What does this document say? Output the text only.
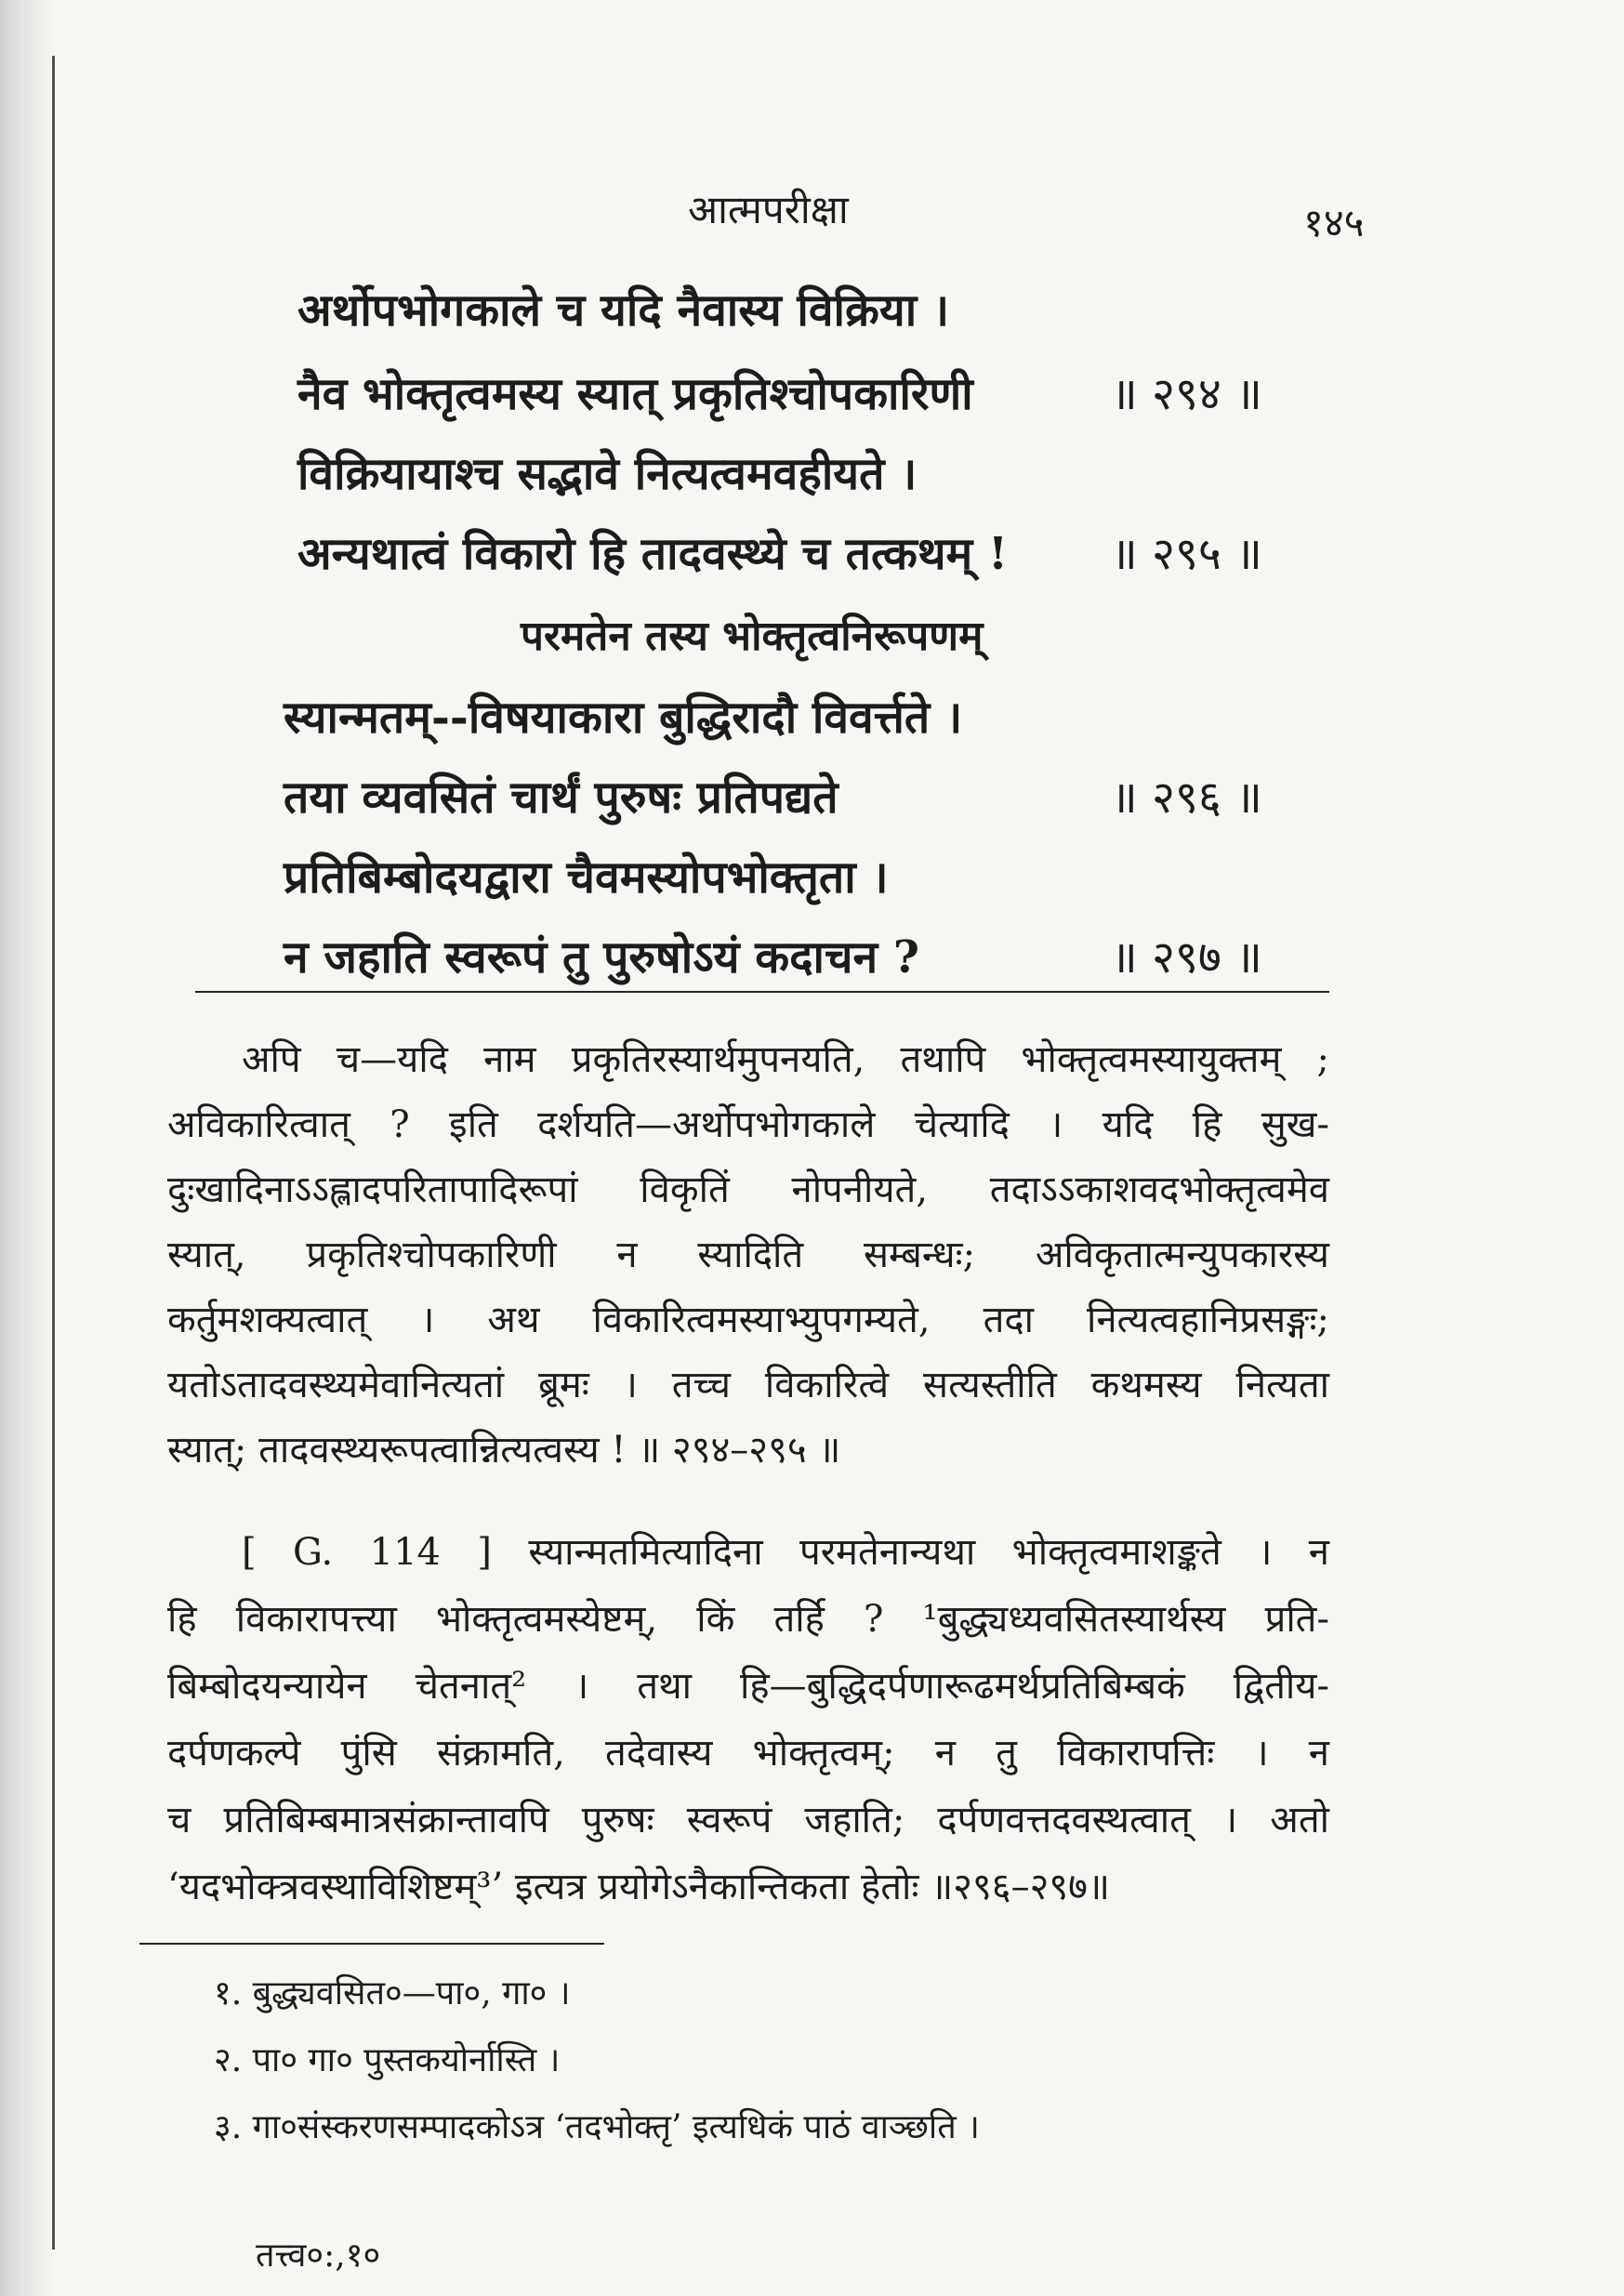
आत्मपरीक्षा	१४५
अर्थोपभोगकाले च यदि नैवास्य विक्रिया ।
नैव भोक्तृत्वमस्य स्यात् प्रकृतिश्चोपकारिणी	॥ २९४ ॥
विक्रियायाश्च सद्भावे नित्यत्वमवहीयते ।
अन्यथात्वं विकारो हि तादवस्थ्ये च तत्कथम् ! ॥ २९५ ॥
परमतेन तस्य भोक्तृत्वनिरूपणम्
स्यान्मतम्--विषयाकारा बुद्धिरादौ विवर्त्तते ।
तया व्यवसितं चार्थं पुरुषः प्रतिपद्यते	॥ २९६ ॥
प्रतिबिम्बोदयद्वारा चैवमस्योपभोक्तृता ।
न जहाति स्वरूपं तु पुरुषोऽयं कदाचन ?	॥ २९७ ॥
अपि च—यदि नाम प्रकृतिरस्यार्थमुपनयति, तथापि भोक्तृत्वमस्यायुक्तम् ;
अविकारित्वात् ? इति दर्शयति—अर्थोपभोगकाले चेत्यादि । यदि हि सुख-
दुःखादिनाऽऽह्लादपरितापादिरूपां विकृतिं नोपनीयते, तदाऽऽकाशवदभोक्तृत्वमेव
स्यात्, प्रकृतिश्चोपकारिणी न स्यादिति सम्बन्धः; अविकृतात्मन्युपकारस्य
कर्तुमशक्यत्वात् । अथ विकारित्वमस्याभ्युपगम्यते, तदा नित्यत्वहानिप्रसङ्गः;
यतोऽतादवस्थ्यमेवानित्यतां ब्रूमः । तच्च विकारित्वे सत्यस्तीति कथमस्य नित्यता
स्यात्; तादवस्थ्यरूपत्वान्नित्यत्वस्य ! ॥ २९४–२९५ ॥
[ G. 114 ] स्यान्मतमित्यादिना परमतेनान्यथा भोक्तृत्वमाशङ्कते । न
हि विकारापत्त्या भोक्तृत्वमस्येष्टम्, किं तर्हि ? ¹बुद्ध्यध्यवसितस्यार्थस्य प्रति-
बिम्बोदयन्यायेन चेतनात्² । तथा हि—बुद्धिदर्पणारूढमर्थप्रतिबिम्बकं द्वितीय-
दर्पणकल्पे पुंसि संक्रामति, तदेवास्य भोक्तृत्वम्; न तु विकारापत्तिः । न
च प्रतिबिम्बमात्रसंक्रान्तावपि पुरुषः स्वरूपं जहाति; दर्पणवत्तदवस्थत्वात् । अतो
‘यदभोक्त्रवस्थाविशिष्टम्³’ इत्यत्र प्रयोगेऽनैकान्तिकता हेतोः ॥२९६–२९७॥
१. बुद्ध्यवसित०—पा०, गा० ।
२. पा० गा० पुस्तकयोर्नास्ति ।
३. गा०संस्करणसम्पादकोऽत्र ‘तदभोक्तृ’ इत्यधिकं पाठं वाञ्छति ।
तत्त्व०:,१०
